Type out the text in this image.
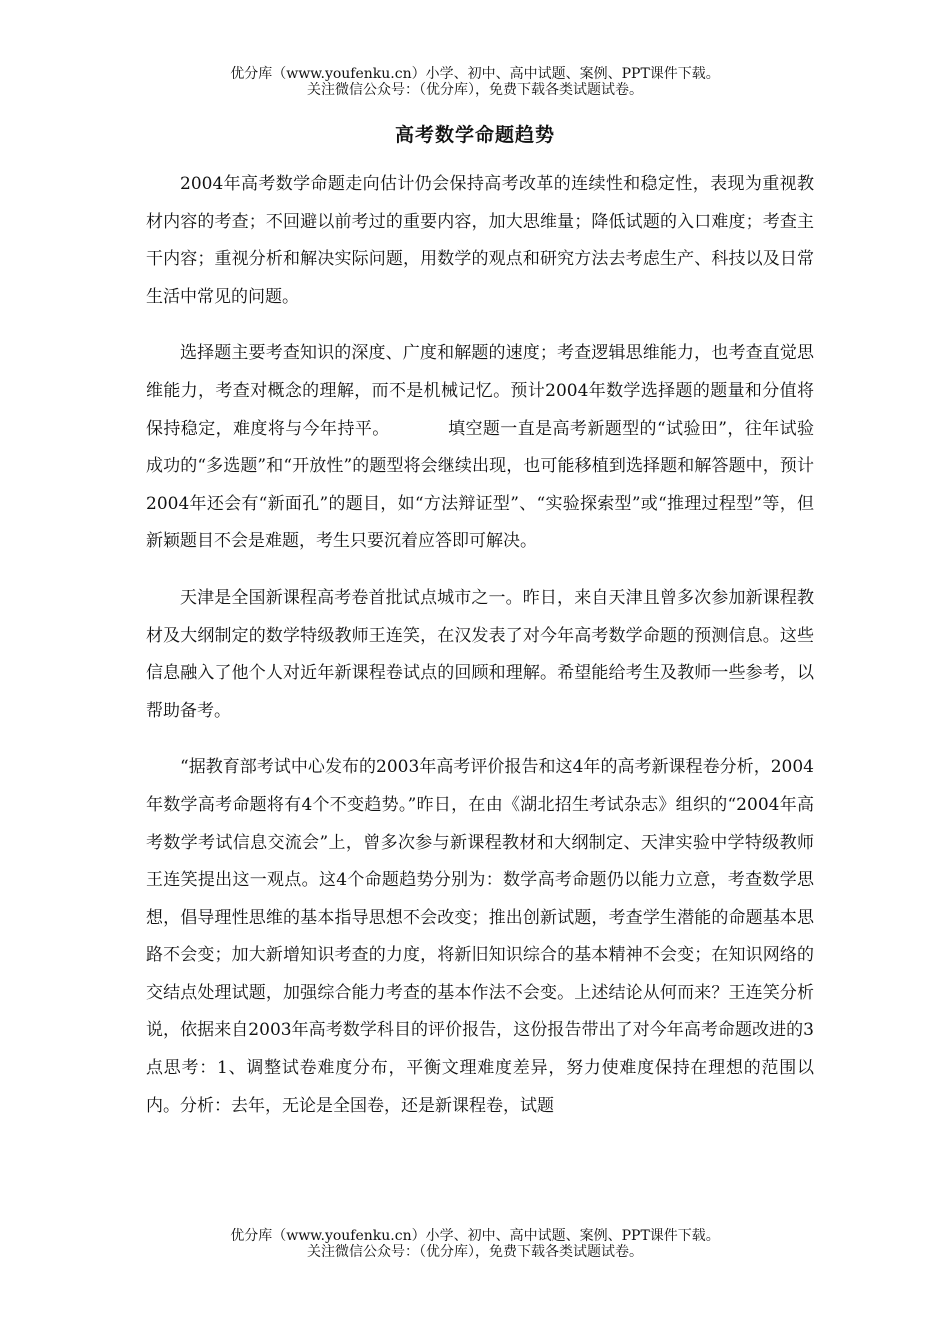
优分库（www.youfenku.cn）小学、初中、高中试题、案例、PPT课件下载。
关注微信公众号：（优分库），免费下载各类试题试卷。
高考数学命题趋势

2004年高考数学命题走向估计仍会保持高考改革的连续性和稳定性，表现为重视教材内容的考查；不回避以前考过的重要内容，加大思维量；降低试题的入口难度；考查主干内容；重视分析和解决实际问题，用数学的观点和研究方法去考虑生产、科技以及日常生活中常见的问题。

选择题主要考查知识的深度、广度和解题的速度；考查逻辑思维能力，也考查直觉思维能力，考查对概念的理解，而不是机械记忆。预计2004年数学选择题的题量和分值将保持稳定，难度将与今年持平。	填空题一直是高考新题型的“试验田”，往年试验成功的“多选题”和“开放性”的题型将会继续出现，也可能移植到选择题和解答题中，预计2004年还会有“新面孔”的题目，如“方法辩证型”、“实验探索型”或“推理过程型”等，但新颖题目不会是难题，考生只要沉着应答即可解决。

天津是全国新课程高考卷首批试点城市之一。昨日，来自天津且曾多次参加新课程教材及大纲制定的数学特级教师王连笑，在汉发表了对今年高考数学命题的预测信息。这些信息融入了他个人对近年新课程卷试点的回顾和理解。希望能给考生及教师一些参考，以帮助备考。

“据教育部考试中心发布的2003年高考评价报告和这4年的高考新课程卷分析，2004年数学高考命题将有4个不变趋势。”昨日，在由《湖北招生考试杂志》组织的“2004年高考数学考试信息交流会”上，曾多次参与新课程教材和大纲制定、天津实验中学特级教师王连笑提出这一观点。这4个命题趋势分别为：数学高考命题仍以能力立意，考查数学思想，倡导理性思维的基本指导思想不会改变；推出创新试题，考查学生潜能的命题基本思路不会变；加大新增知识考查的力度，将新旧知识综合的基本精神不会变；在知识网络的交结点处理试题，加强综合能力考查的基本作法不会变。上述结论从何而来？王连笑分析说，依据来自2003年高考数学科目的评价报告，这份报告带出了对今年高考命题改进的3点思考：1、调整试卷难度分布，平衡文理难度差异，努力使难度保持在理想的范围以内。分析：去年，无论是全国卷，还是新课程卷，试题

优分库（www.youfenku.cn）小学、初中、高中试题、案例、PPT课件下载。
关注微信公众号：（优分库），免费下载各类试题试卷。
